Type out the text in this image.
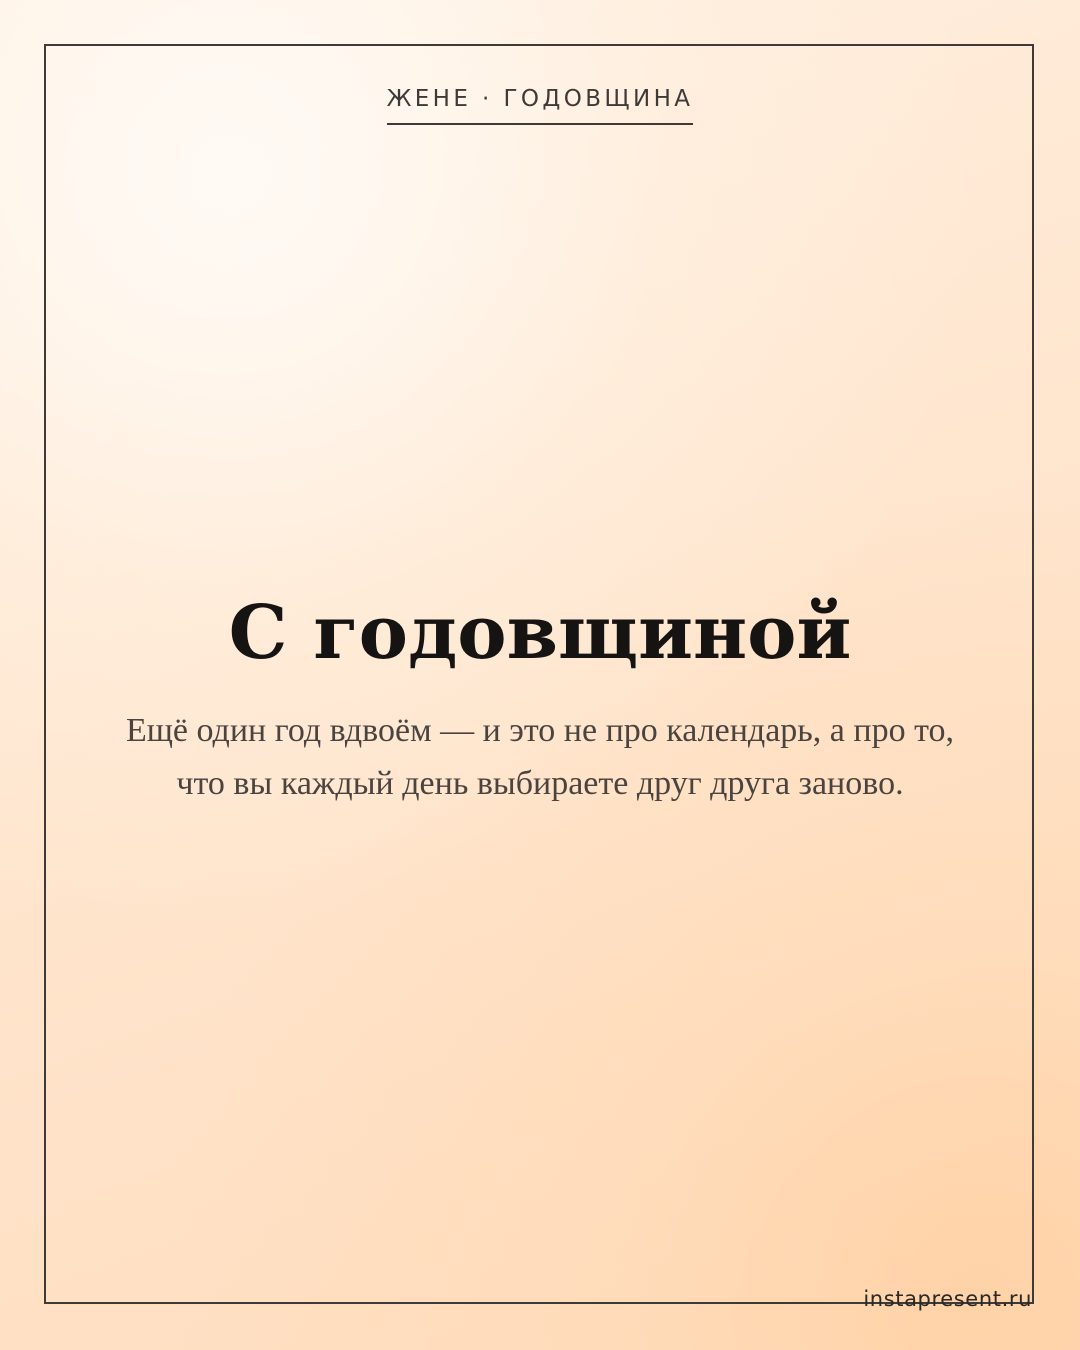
ЖЕНЕ · ГОДОВЩИНА
С годовщиной

Ещё один год вдвоём — и это не про календарь, а про то, что вы каждый день выбираете друг друга заново.

instapresent.ru
